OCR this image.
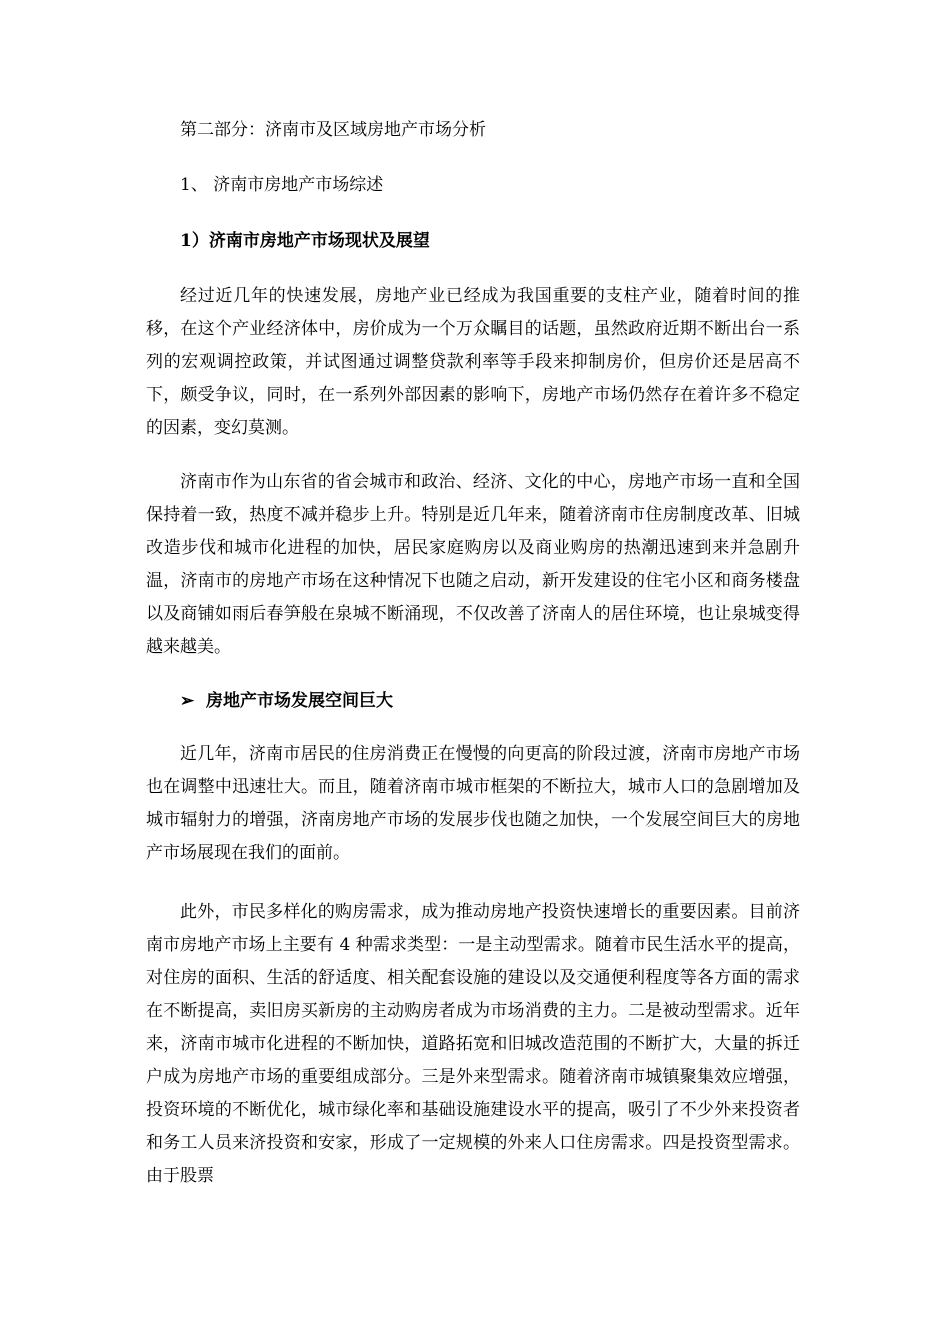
第二部分：济南市及区域房地产市场分析

1、 济南市房地产市场综述

1）济南市房地产市场现状及展望

经过近几年的快速发展，房地产业已经成为我国重要的支柱产业，随着时间的推移，在这个产业经济体中，房价成为一个万众瞩目的话题，虽然政府近期不断出台一系列的宏观调控政策，并试图通过调整贷款利率等手段来抑制房价，但房价还是居高不下，颇受争议，同时，在一系列外部因素的影响下，房地产市场仍然存在着许多不稳定的因素，变幻莫测。

济南市作为山东省的省会城市和政治、经济、文化的中心，房地产市场一直和全国保持着一致，热度不减并稳步上升。特别是近几年来，随着济南市住房制度改革、旧城改造步伐和城市化进程的加快，居民家庭购房以及商业购房的热潮迅速到来并急剧升温，济南市的房地产市场在这种情况下也随之启动，新开发建设的住宅小区和商务楼盘以及商铺如雨后春笋般在泉城不断涌现，不仅改善了济南人的居住环境，也让泉城变得越来越美。

➢ 房地产市场发展空间巨大

近几年，济南市居民的住房消费正在慢慢的向更高的阶段过渡，济南市房地产市场也在调整中迅速壮大。而且，随着济南市城市框架的不断拉大，城市人口的急剧增加及城市辐射力的增强，济南房地产市场的发展步伐也随之加快，一个发展空间巨大的房地产市场展现在我们的面前。

此外，市民多样化的购房需求，成为推动房地产投资快速增长的重要因素。目前济南市房地产市场上主要有 4 种需求类型：一是主动型需求。随着市民生活水平的提高，对住房的面积、生活的舒适度、相关配套设施的建设以及交通便利程度等各方面的需求在不断提高，卖旧房买新房的主动购房者成为市场消费的主力。二是被动型需求。近年来，济南市城市化进程的不断加快，道路拓宽和旧城改造范围的不断扩大，大量的拆迁户成为房地产市场的重要组成部分。三是外来型需求。随着济南市城镇聚集效应增强，投资环境的不断优化，城市绿化率和基础设施建设水平的提高，吸引了不少外来投资者和务工人员来济投资和安家，形成了一定规模的外来人口住房需求。四是投资型需求。由于股票
